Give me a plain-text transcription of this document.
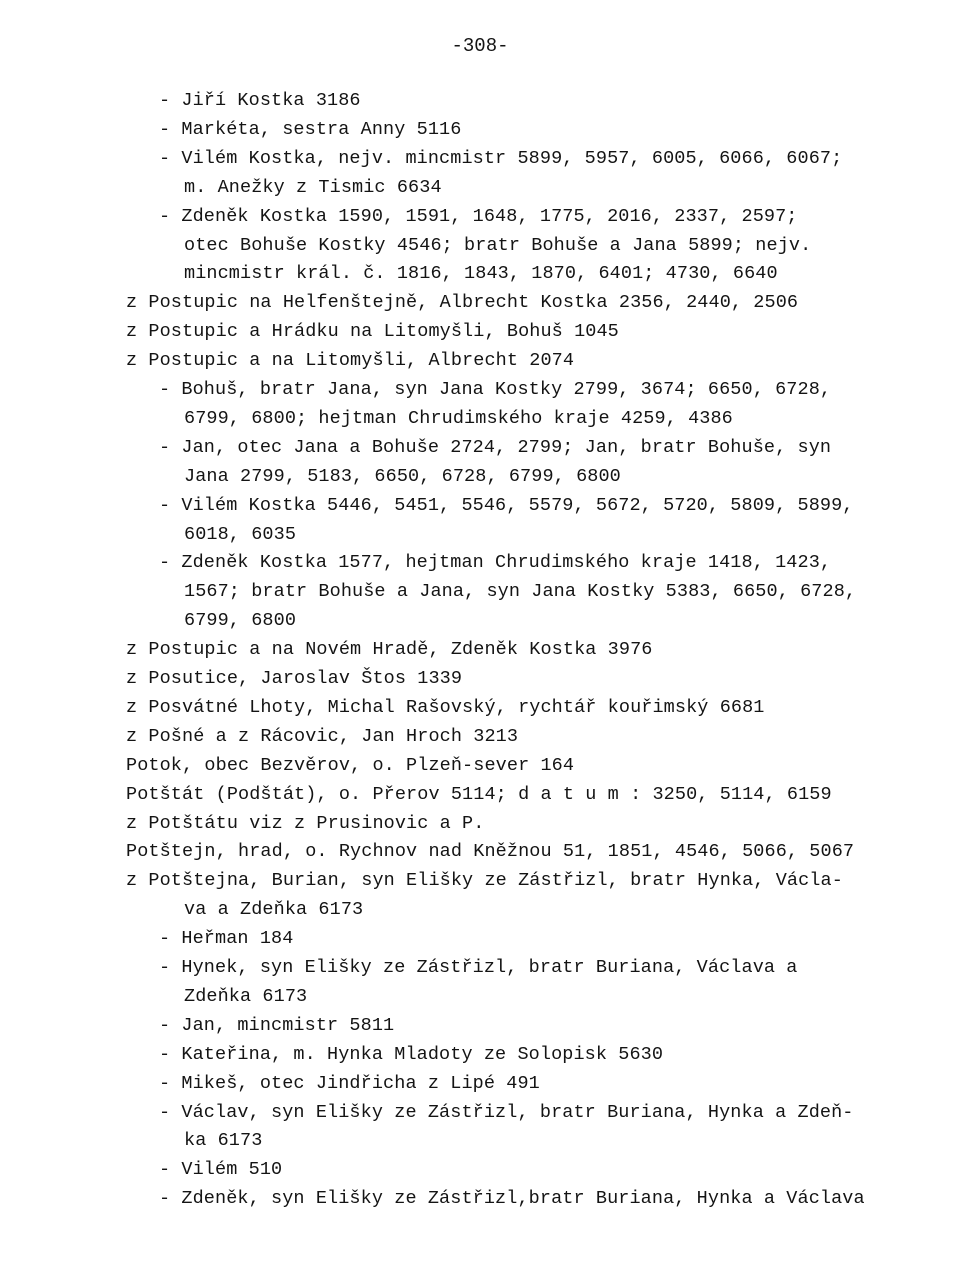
-308-
- Jiří Kostka 3186
- Markéta, sestra Anny 5116
- Vilém Kostka, nejv. mincmistr 5899, 5957, 6005, 6066, 6067;
m. Anežky z Tismic 6634
- Zdeněk Kostka 1590, 1591, 1648, 1775, 2016, 2337, 2597;
otec Bohuše Kostky 4546; bratr Bohuše a Jana 5899; nejv.
mincmistr král. č. 1816, 1843, 1870, 6401; 4730, 6640
z Postupic na Helfenštejně, Albrecht Kostka 2356, 2440, 2506
z Postupic a Hrádku na Litomyšli, Bohuš 1045
z Postupic a na Litomyšli, Albrecht 2074
- Bohuš, bratr Jana, syn Jana Kostky 2799, 3674; 6650, 6728,
6799, 6800; hejtman Chrudimského kraje 4259, 4386
- Jan, otec Jana a Bohuše 2724, 2799; Jan, bratr Bohuše, syn
Jana 2799, 5183, 6650, 6728, 6799, 6800
- Vilém Kostka 5446, 5451, 5546, 5579, 5672, 5720, 5809, 5899,
6018, 6035
- Zdeněk Kostka 1577, hejtman Chrudimského kraje 1418, 1423,
1567; bratr Bohuše a Jana, syn Jana Kostky 5383, 6650, 6728,
6799, 6800
z Postupic a na Novém Hradě, Zdeněk Kostka 3976
z Posutice, Jaroslav Štos 1339
z Posvátné Lhoty, Michal Rašovský, rychtář kouřimský 6681
z Pošné a z Rácovic, Jan Hroch 3213
Potok, obec Bezvěrov, o. Plzeň-sever 164
Potštát (Podštát), o. Přerov 5114; d a t u m : 3250, 5114, 6159
z Potštátu viz z Prusinovic a P.
Potštejn, hrad, o. Rychnov nad Kněžnou 51, 1851, 4546, 5066, 5067
z Potštejna, Burian, syn Elišky ze Zástřizl, bratr Hynka, Václa-
va a Zdeňka 6173
- Heřman 184
- Hynek, syn Elišky ze Zástřizl, bratr Buriana, Václava a
Zdeňka 6173
- Jan, mincmistr 5811
- Kateřina, m. Hynka Mladoty ze Solopisk 5630
- Mikeš, otec Jindřicha z Lipé 491
- Václav, syn Elišky ze Zástřizl, bratr Buriana, Hynka a Zdeň-
ka 6173
- Vilém 510
- Zdeněk, syn Elišky ze Zástřizl,bratr Buriana, Hynka a Václava
